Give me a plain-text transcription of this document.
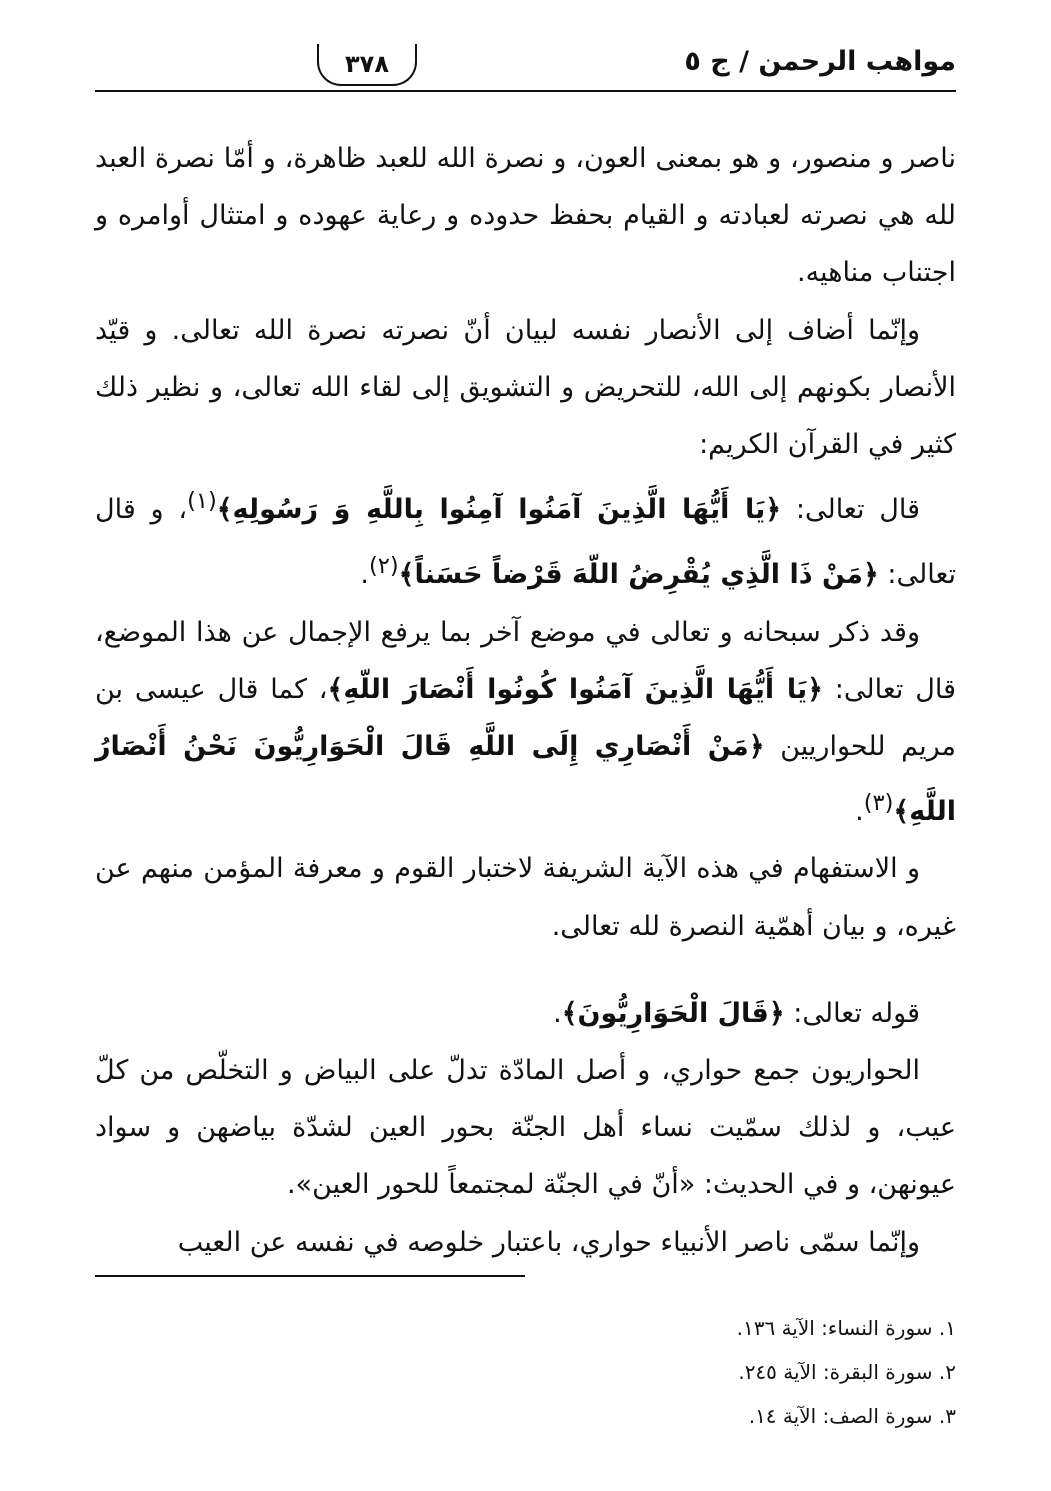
مواهب الرحمن / ج ٥
٣٧٨

ناصر و منصور، و هو بمعنى العون، و نصرة الله للعبد ظاهرة، و أمّا نصرة العبد لله هي نصرته لعبادته و القيام بحفظ حدوده و رعاية عهوده و امتثال أوامره و اجتناب مناهيه.

وإنّما أضاف إلى الأنصار نفسه لبيان أنّ نصرته نصرة الله تعالى. و قيّد الأنصار بكونهم إلى الله، للتحريض و التشويق إلى لقاء الله تعالى، و نظير ذلك كثير في القرآن الكريم:

قال تعالى: ﴿يَا أَيُّهَا الَّذِينَ آمَنُوا آمِنُوا بِاللَّهِ وَ رَسُولِهِ﴾$^{(١)}$، و قال تعالى: ﴿مَنْ ذَا الَّذِي يُقْرِضُ اللّهَ قَرْضاً حَسَناً﴾$^{(٢)}$.

وقد ذكر سبحانه و تعالى في موضع آخر بما يرفع الإجمال عن هذا الموضع، قال تعالى: ﴿يَا أَيُّهَا الَّذِينَ آمَنُوا كُونُوا أَنْصَارَ اللّهِ﴾، كما قال عيسى بن مريم للحواريين ﴿مَنْ أَنْصَارِي إِلَى اللَّهِ قَالَ الْحَوَارِيُّونَ نَحْنُ أَنْصَارُ اللَّهِ﴾$^{(٣)}$.

و الاستفهام في هذه الآية الشريفة لاختبار القوم و معرفة المؤمن منهم عن غيره، و بيان أهمّية النصرة لله تعالى.

قوله تعالى: ﴿قَالَ الْحَوَارِيُّونَ﴾.

الحواريون جمع حواري، و أصل المادّة تدلّ على البياض و التخلّص من كلّ عيب، و لذلك سمّيت نساء أهل الجنّة بحور العين لشدّة بياضهن و سواد عيونهن، و في الحديث: «أنّ في الجنّة لمجتمعاً للحور العين».

وإنّما سمّى ناصر الأنبياء حواري، باعتبار خلوصه في نفسه عن العيب

١. سورة النساء: الآية ١٣٦.
٢. سورة البقرة: الآية ٢٤٥.
٣. سورة الصف: الآية ١٤.
